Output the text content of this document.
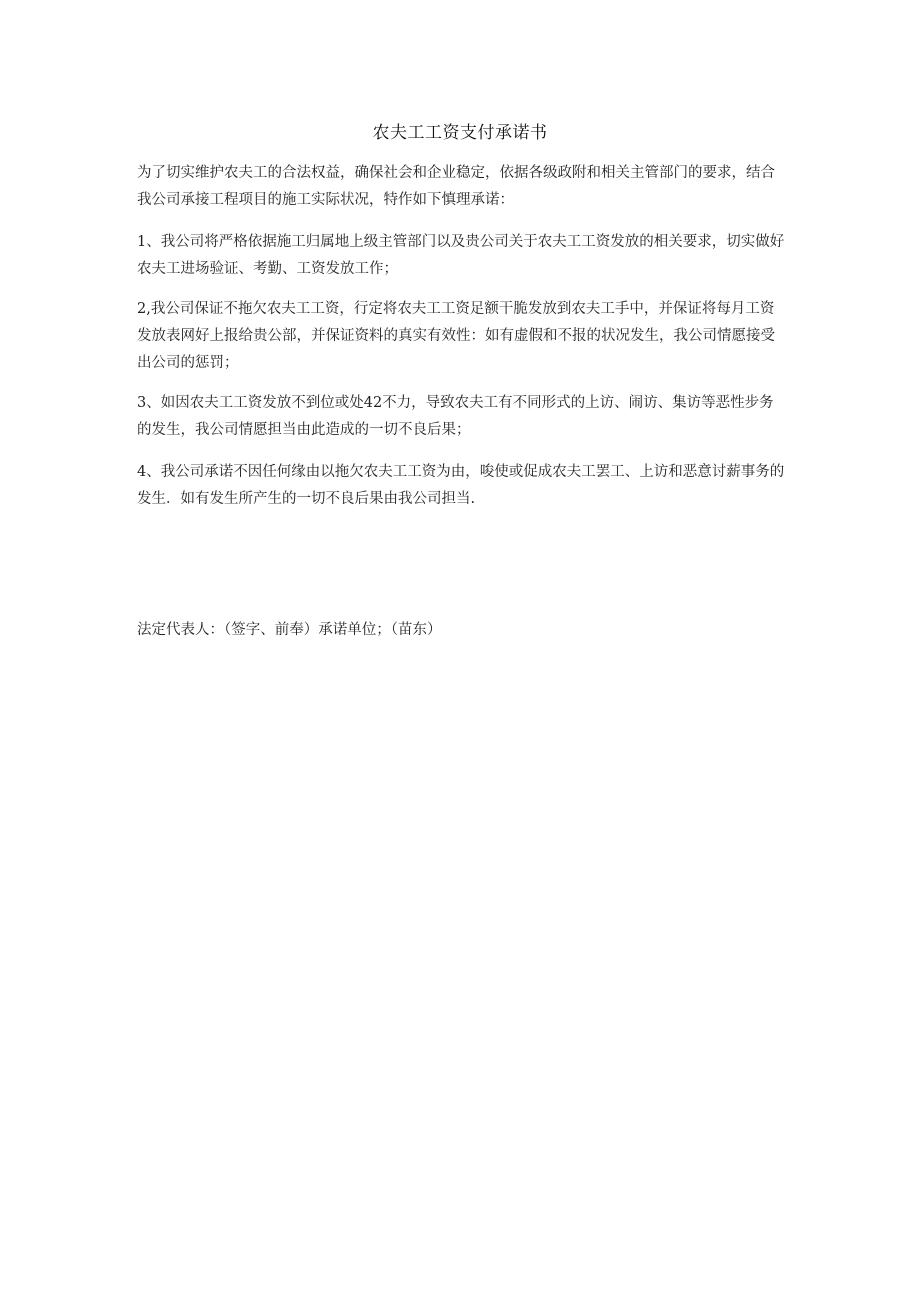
农夫工工资支付承诺书
为了切实维护农夫工的合法权益，确保社会和企业稳定，依据各级政附和相关主管部门的要求，结合我公司承接工程项目的施工实际状况，特作如下慎理承诺：
1、我公司将严格依据施工归属地上级主管部门以及贵公司关于农夫工工资发放的相关要求，切实做好农夫工进场验证、考勤、工资发放工作；
2,我公司保证不拖欠农夫工工资，行定将农夫工工资足额干脆发放到农夫工手中，并保证将每月工资发放表网好上报给贵公部，并保证资料的真实有效性：如有虚假和不报的状况发生，我公司情愿接受出公司的惩罚；
3、如因农夫工工资发放不到位或处42不力，导致农夫工有不同形式的上访、闹访、集访等恶性步务的发生，我公司情愿担当由此造成的一切不良后果；
4、我公司承诺不因任何缘由以拖欠农夫工工资为由，唆使或促成农夫工罢工、上访和恶意讨薪事务的发生．如有发生所产生的一切不良后果由我公司担当.
法定代表人：（签字、前奉）承诺单位；（苗东）
